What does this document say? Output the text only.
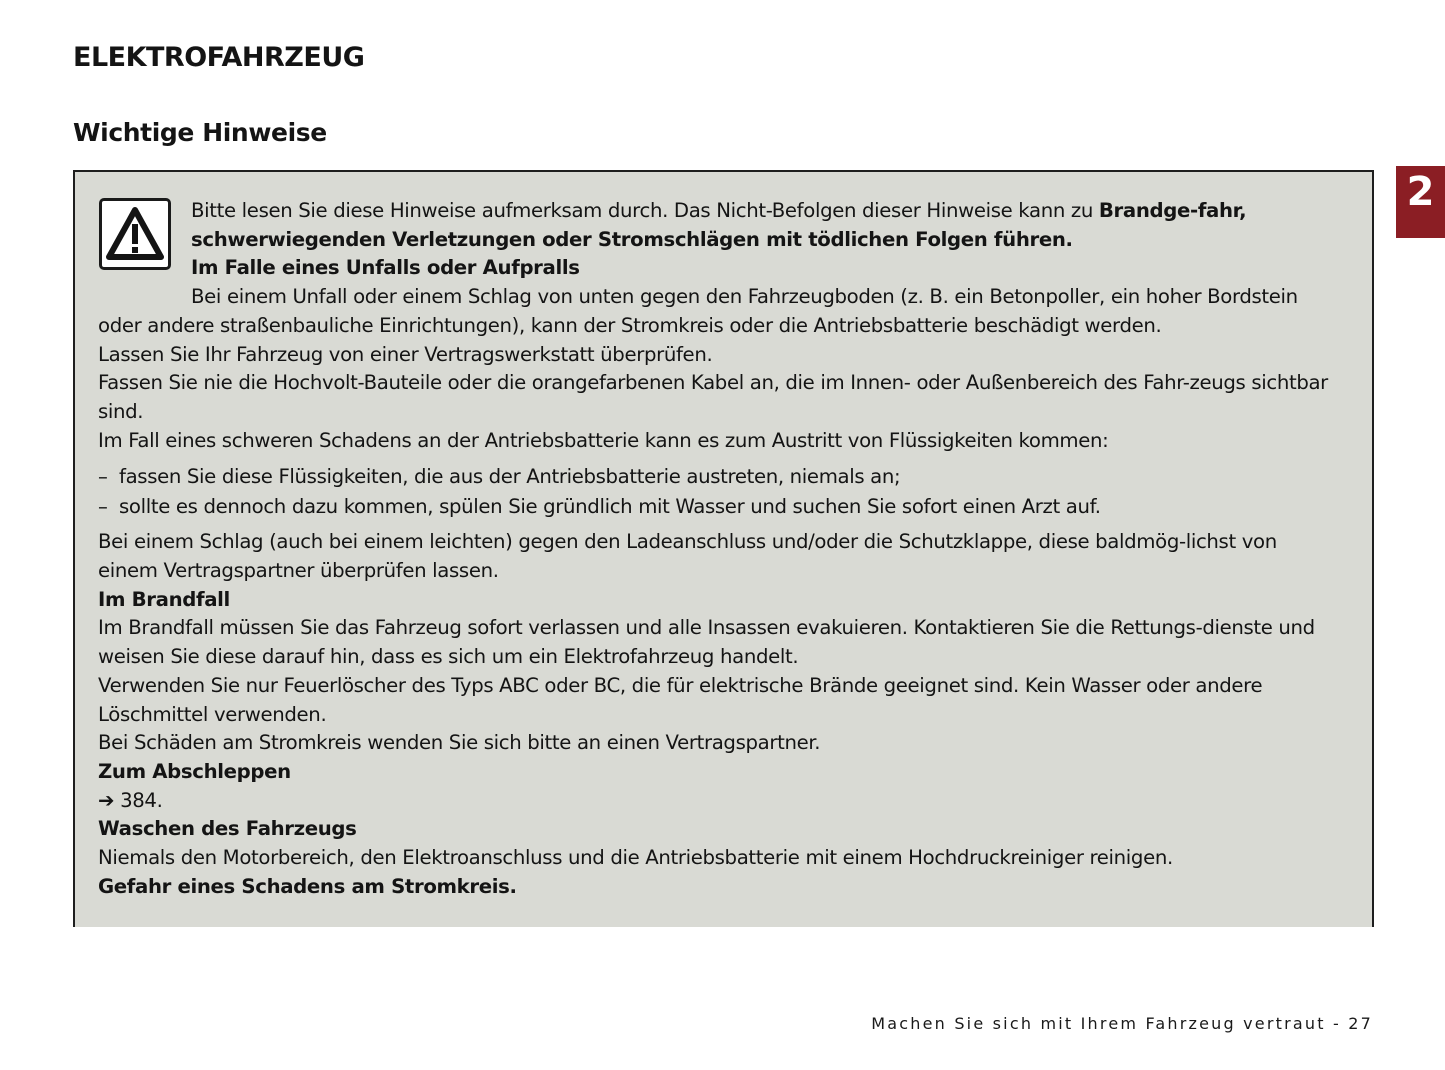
ELEKTROFAHRZEUG
Wichtige Hinweise
2

Bitte lesen Sie diese Hinweise aufmerksam durch. Das Nicht-Befolgen dieser Hinweise kann zu Brandge-fahr, schwerwiegenden Verletzungen oder Stromschlägen mit tödlichen Folgen führen.

Im Falle eines Unfalls oder Aufpralls

Bei einem Unfall oder einem Schlag von unten gegen den Fahrzeugboden (z. B. ein Betonpoller, ein hoher Bordstein oder andere straßenbauliche Einrichtungen), kann der Stromkreis oder die Antriebsbatterie beschädigt werden.

Lassen Sie Ihr Fahrzeug von einer Vertragswerkstatt überprüfen.

Fassen Sie nie die Hochvolt-Bauteile oder die orangefarbenen Kabel an, die im Innen- oder Außenbereich des Fahr-zeugs sichtbar sind.

Im Fall eines schweren Schadens an der Antriebsbatterie kann es zum Austritt von Flüssigkeiten kommen:

– fassen Sie diese Flüssigkeiten, die aus der Antriebsbatterie austreten, niemals an;
– sollte es dennoch dazu kommen, spülen Sie gründlich mit Wasser und suchen Sie sofort einen Arzt auf.

Bei einem Schlag (auch bei einem leichten) gegen den Ladeanschluss und/oder die Schutzklappe, diese baldmög-lichst von einem Vertragspartner überprüfen lassen.

Im Brandfall

Im Brandfall müssen Sie das Fahrzeug sofort verlassen und alle Insassen evakuieren. Kontaktieren Sie die Rettungs-dienste und weisen Sie diese darauf hin, dass es sich um ein Elektrofahrzeug handelt.

Verwenden Sie nur Feuerlöscher des Typs ABC oder BC, die für elektrische Brände geeignet sind. Kein Wasser oder andere Löschmittel verwenden.

Bei Schäden am Stromkreis wenden Sie sich bitte an einen Vertragspartner.

Zum Abschleppen

➔ 384.

Waschen des Fahrzeugs

Niemals den Motorbereich, den Elektroanschluss und die Antriebsbatterie mit einem Hochdruckreiniger reinigen.

Gefahr eines Schadens am Stromkreis.

Machen Sie sich mit Ihrem Fahrzeug vertraut - 27
